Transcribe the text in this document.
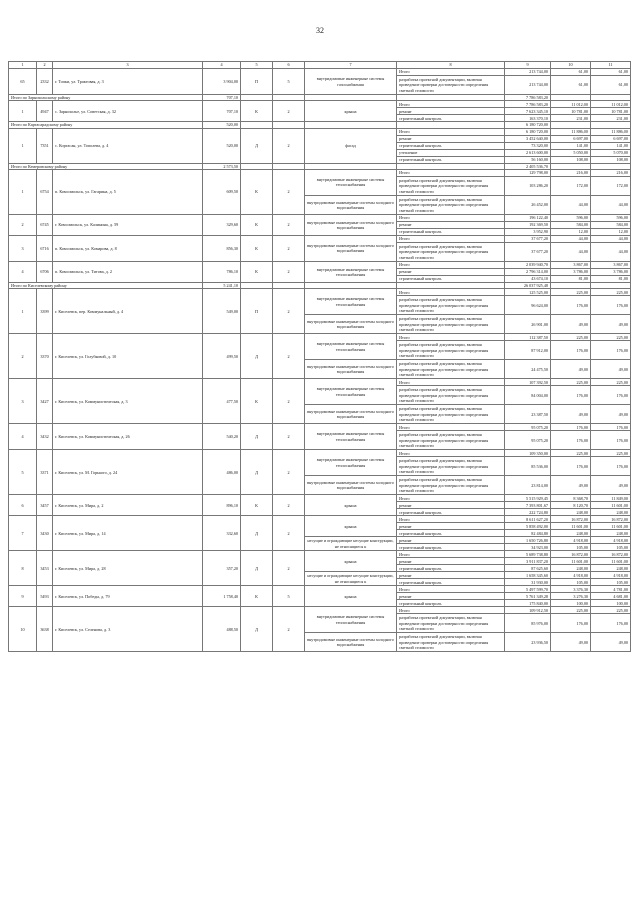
32
1	2	3	4	5	6	7	8	9	10	11
65	2332	г. Топки, ул. Трактовая, д. 3	3 904,00	П	5	внутридомовые инженерные системы газоснабжения	Итого	213 744,00	61,00	61,00
							разработка проектной документации, включая проведение проверки достоверности определения сметной стоимости	213 744,00	61,00	61,00
Итого по Зарнохольскому району			707,10					7 786 583,20		
1	4947	с. Зарнохолье, ул. Советская, д. 32	707,10	К	2	крыша	Итого	7 786 583,20	11 012,00	11 012,00
							ремонт	7 623 345,10	10 781,00	10 781,00
							строительный контроль	163 370,10	231,00	231,00
Итого по Картасарадскому району			520,00					6 180 720,00		
1	7351	с. Кортасан, ул. Тополева, д. 4	520,00	Д	2	фасад	Итого	6 180 720,00	11 886,00	11 886,00
							ремонт	3 452 640,00	6 697,00	6 697,00
							строительный контроль	73 320,00	141,00	141,00
							утепление	2 613 600,00	5 050,00	5 070,00
							строительный контроль	56 160,00	108,00	108,00
Итого по Кемеровскому району			2 573,50					2 405 536,70		
1	6754	п. Комсомольск, ул. Гагарина, д. 5	609,50	К	2	внутридомовые инженерные системы теплоснабжения	Итого	129 798,00	216,00	216,00
							разработка проектной документации, включая проведение проверки достоверности определения сметной стоимости	103 286,20	172,00	172,00
						внутридомовые инженерные системы холодного водоснабжения	разработка проектной документации, включая проведение проверки достоверности определения сметной стоимости	26 452,00	44,00	44,00
2	6745	г. Комсомольск, ул. Калинина, д. 59	329,60	К	2	внутридомовые инженерные системы холодного водоснабжения	Итого	196 122,40	596,00	596,00
							ремонт	192 369,50	584,00	584,00
							строительный контроль	3 952,90	12,00	12,00
3	6716	п. Комсомольск, ул. Комарова, д. 8	856,30	К	2	внутридомовые инженерные системы холодного водоснабжения	Итого	37 677,20	44,00	44,00
							разработка проектной документации, включая проведение проверки достоверности определения сметной стоимости	37 677,20	44,00	44,00
4	6706	п. Комсомольск, ул. Титова, д. 2	786,10	К	2	внутридомовые инженерные системы теплоснабжения	Итого	2 039 940,70	3 867,00	3 867,00
							ремонт	2 796 314,00	3 786,00	3 786,00
							строительный контроль	43 674,10	81,00	81,00
Итого по Киселевскому району			5 241,10					26 037 925,48		
1	3399	г. Киселевск, пер. Коммунальный, д. 4	549,00	П	2	внутридомовые инженерные системы теплоснабжения	Итого	125 525,00	225,00	225,00
							разработка проектной документации, включая проведение проверки достоверности определения сметной стоимости	96 624,00	176,00	176,00
						внутридомовые инженерные системы холодного водоснабжения	разработка проектной документации, включая проведение проверки достоверности определения сметной стоимости	26 901,00	49,00	49,00
2	3370	г. Киселевск, ул. Голубковой, д. 10	499,50	Д	2	внутридомовые инженерные системы теплоснабжения	Итого	112 387,50	225,00	225,00
							разработка проектной документации, включая проведение проверки достоверности определения сметной стоимости	87 912,00	176,00	176,00
						внутридомовые инженерные системы холодного водоснабжения	разработка проектной документации, включая проведение проверки достоверности определения сметной стоимости	24 475,50	49,00	49,00
3	3427	г. Киселевск, ул. Коммунистическая, д. 3	477,50	К	2	внутридомовые инженерные системы теплоснабжения	Итого	107 392,50	225,00	225,00
							разработка проектной документации, включая проведение проверки достоверности определения сметной стоимости	84 004,00	176,00	176,00
						внутридомовые инженерные системы холодного водоснабжения	разработка проектной документации, включая проведение проверки достоверности определения сметной стоимости	23 387,50	49,00	49,00
4	3432	г. Киселевск, ул. Коммунистическая, д. 26	540,20	Д	2	внутридомовые инженерные системы теплоснабжения	Итого	95 075,20	176,00	176,00
							разработка проектной документации, включая проведение проверки достоверности определения сметной стоимости	95 075,20	176,00	176,00
5	3371	г. Киселевск, ул. М. Горького, д. 24	486,00	Д	2	внутридомовые инженерные системы теплоснабжения	Итого	109 350,00	225,00	225,00
							разработка проектной документации, включая проведение проверки достоверности определения сметной стоимости	85 536,00	176,00	176,00
						внутридомовые инженерные системы холодного водоснабжения	разработка проектной документации, включая проведение проверки достоверности определения сметной стоимости	23 814,00	49,00	49,00
6	3457	г. Киселевск, ул. Мира, д. 2	896,10	К	2	крыша	Итого	5 515 929,45	8 368,70	11 849,00
							ремонт	7 393 801,67	8 120,70	11 601,00
							строительный контроль	222 724,80	248,00	248,00
7	3430	г. Киселевск, ул. Мира, д. 14	332,60	Д	2	крыша	Итого	8 611 627,20	16 872,00	16 872,00
							ремонт	5 858 492,00	11 601,00	11 601,00
							строительный контроль	82 484,80	248,00	248,00
						несущие и ограждающие несущие конструкции, не относящиеся к	ремонт	1 650 726,80	4 918,00	4 918,00
							строительный контроль	34 923,00	105,00	105,00
8	3453	г. Киселевск, ул. Мира, д. 28	357,20	Д	2	крыша	Итого	5 689 738,80	16 872,00	16 872,00
							ремонт	3 911 837,20	11 601,00	11 601,00
							строительный контроль	87 625,60	248,00	248,00
						несущие и ограждающие несущие конструкции, не относящиеся к	ремонт	1 658 345,60	4 918,00	4 918,00
							строительный контроль	31 930,00	105,00	105,00
9	5493	г. Киселевск, ул. Победы, д. 79	1 758,40	К	5	крыша	Итого	5 497 599,70	3 376,30	4 781,00
							ремонт	5 761 349,28	3 276,30	4 681,00
							строительный контроль	175 840,00	100,00	100,00
10	3638	г. Киселевск, ул. Селенова, д. 3	488,50	Д	2	внутридомовые инженерные системы теплоснабжения	Итого	109 912,50	225,00	225,00
							разработка проектной документации, включая проведение проверки достоверности определения сметной стоимости	85 976,00	176,00	176,00
						внутридомовые инженерные системы холодного водоснабжения	разработка проектной документации, включая проведение проверки достоверности определения сметной стоимости	23 936,50	49,00	49,00
